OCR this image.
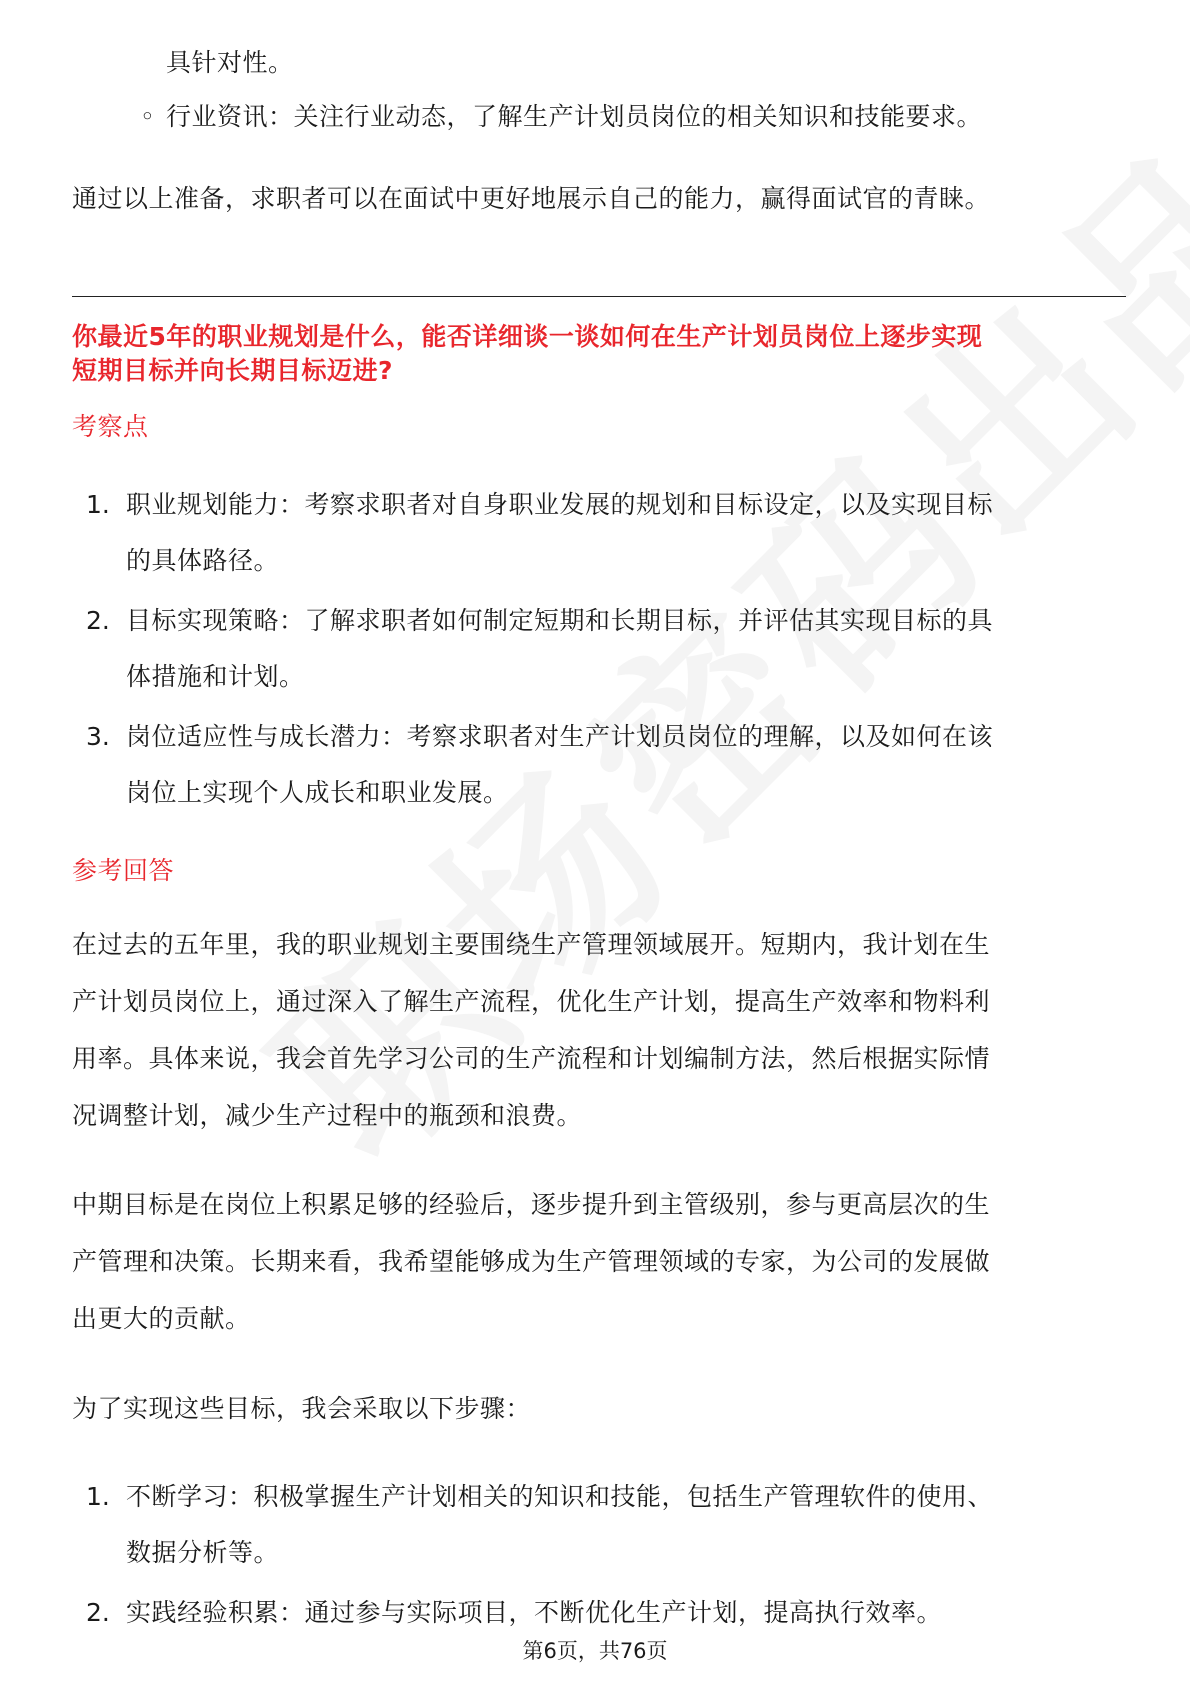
具针对性。
◦ 行业资讯：关注行业动态，了解生产计划员岗位的相关知识和技能要求。
通过以上准备，求职者可以在面试中更好地展示自己的能力，赢得面试官的青睐。
你最近5年的职业规划是什么，能否详细谈一谈如何在生产计划员岗位上逐步实现
短期目标并向长期目标迈进?
考察点
1. 职业规划能力：考察求职者对自身职业发展的规划和目标设定，以及实现目标
的具体路径。
2. 目标实现策略：了解求职者如何制定短期和长期目标，并评估其实现目标的具
体措施和计划。
3. 岗位适应性与成长潜力：考察求职者对生产计划员岗位的理解，以及如何在该
岗位上实现个人成长和职业发展。
参考回答
在过去的五年里，我的职业规划主要围绕生产管理领域展开。短期内，我计划在生
产计划员岗位上，通过深入了解生产流程，优化生产计划，提高生产效率和物料利
用率。具体来说，我会首先学习公司的生产流程和计划编制方法，然后根据实际情
况调整计划，减少生产过程中的瓶颈和浪费。
中期目标是在岗位上积累足够的经验后，逐步提升到主管级别，参与更高层次的生
产管理和决策。长期来看，我希望能够成为生产管理领域的专家，为公司的发展做
出更大的贡献。
为了实现这些目标，我会采取以下步骤：
1. 不断学习：积极掌握生产计划相关的知识和技能，包括生产管理软件的使用、
数据分析等。
2. 实践经验积累：通过参与实际项目，不断优化生产计划，提高执行效率。
第6页，共76页
